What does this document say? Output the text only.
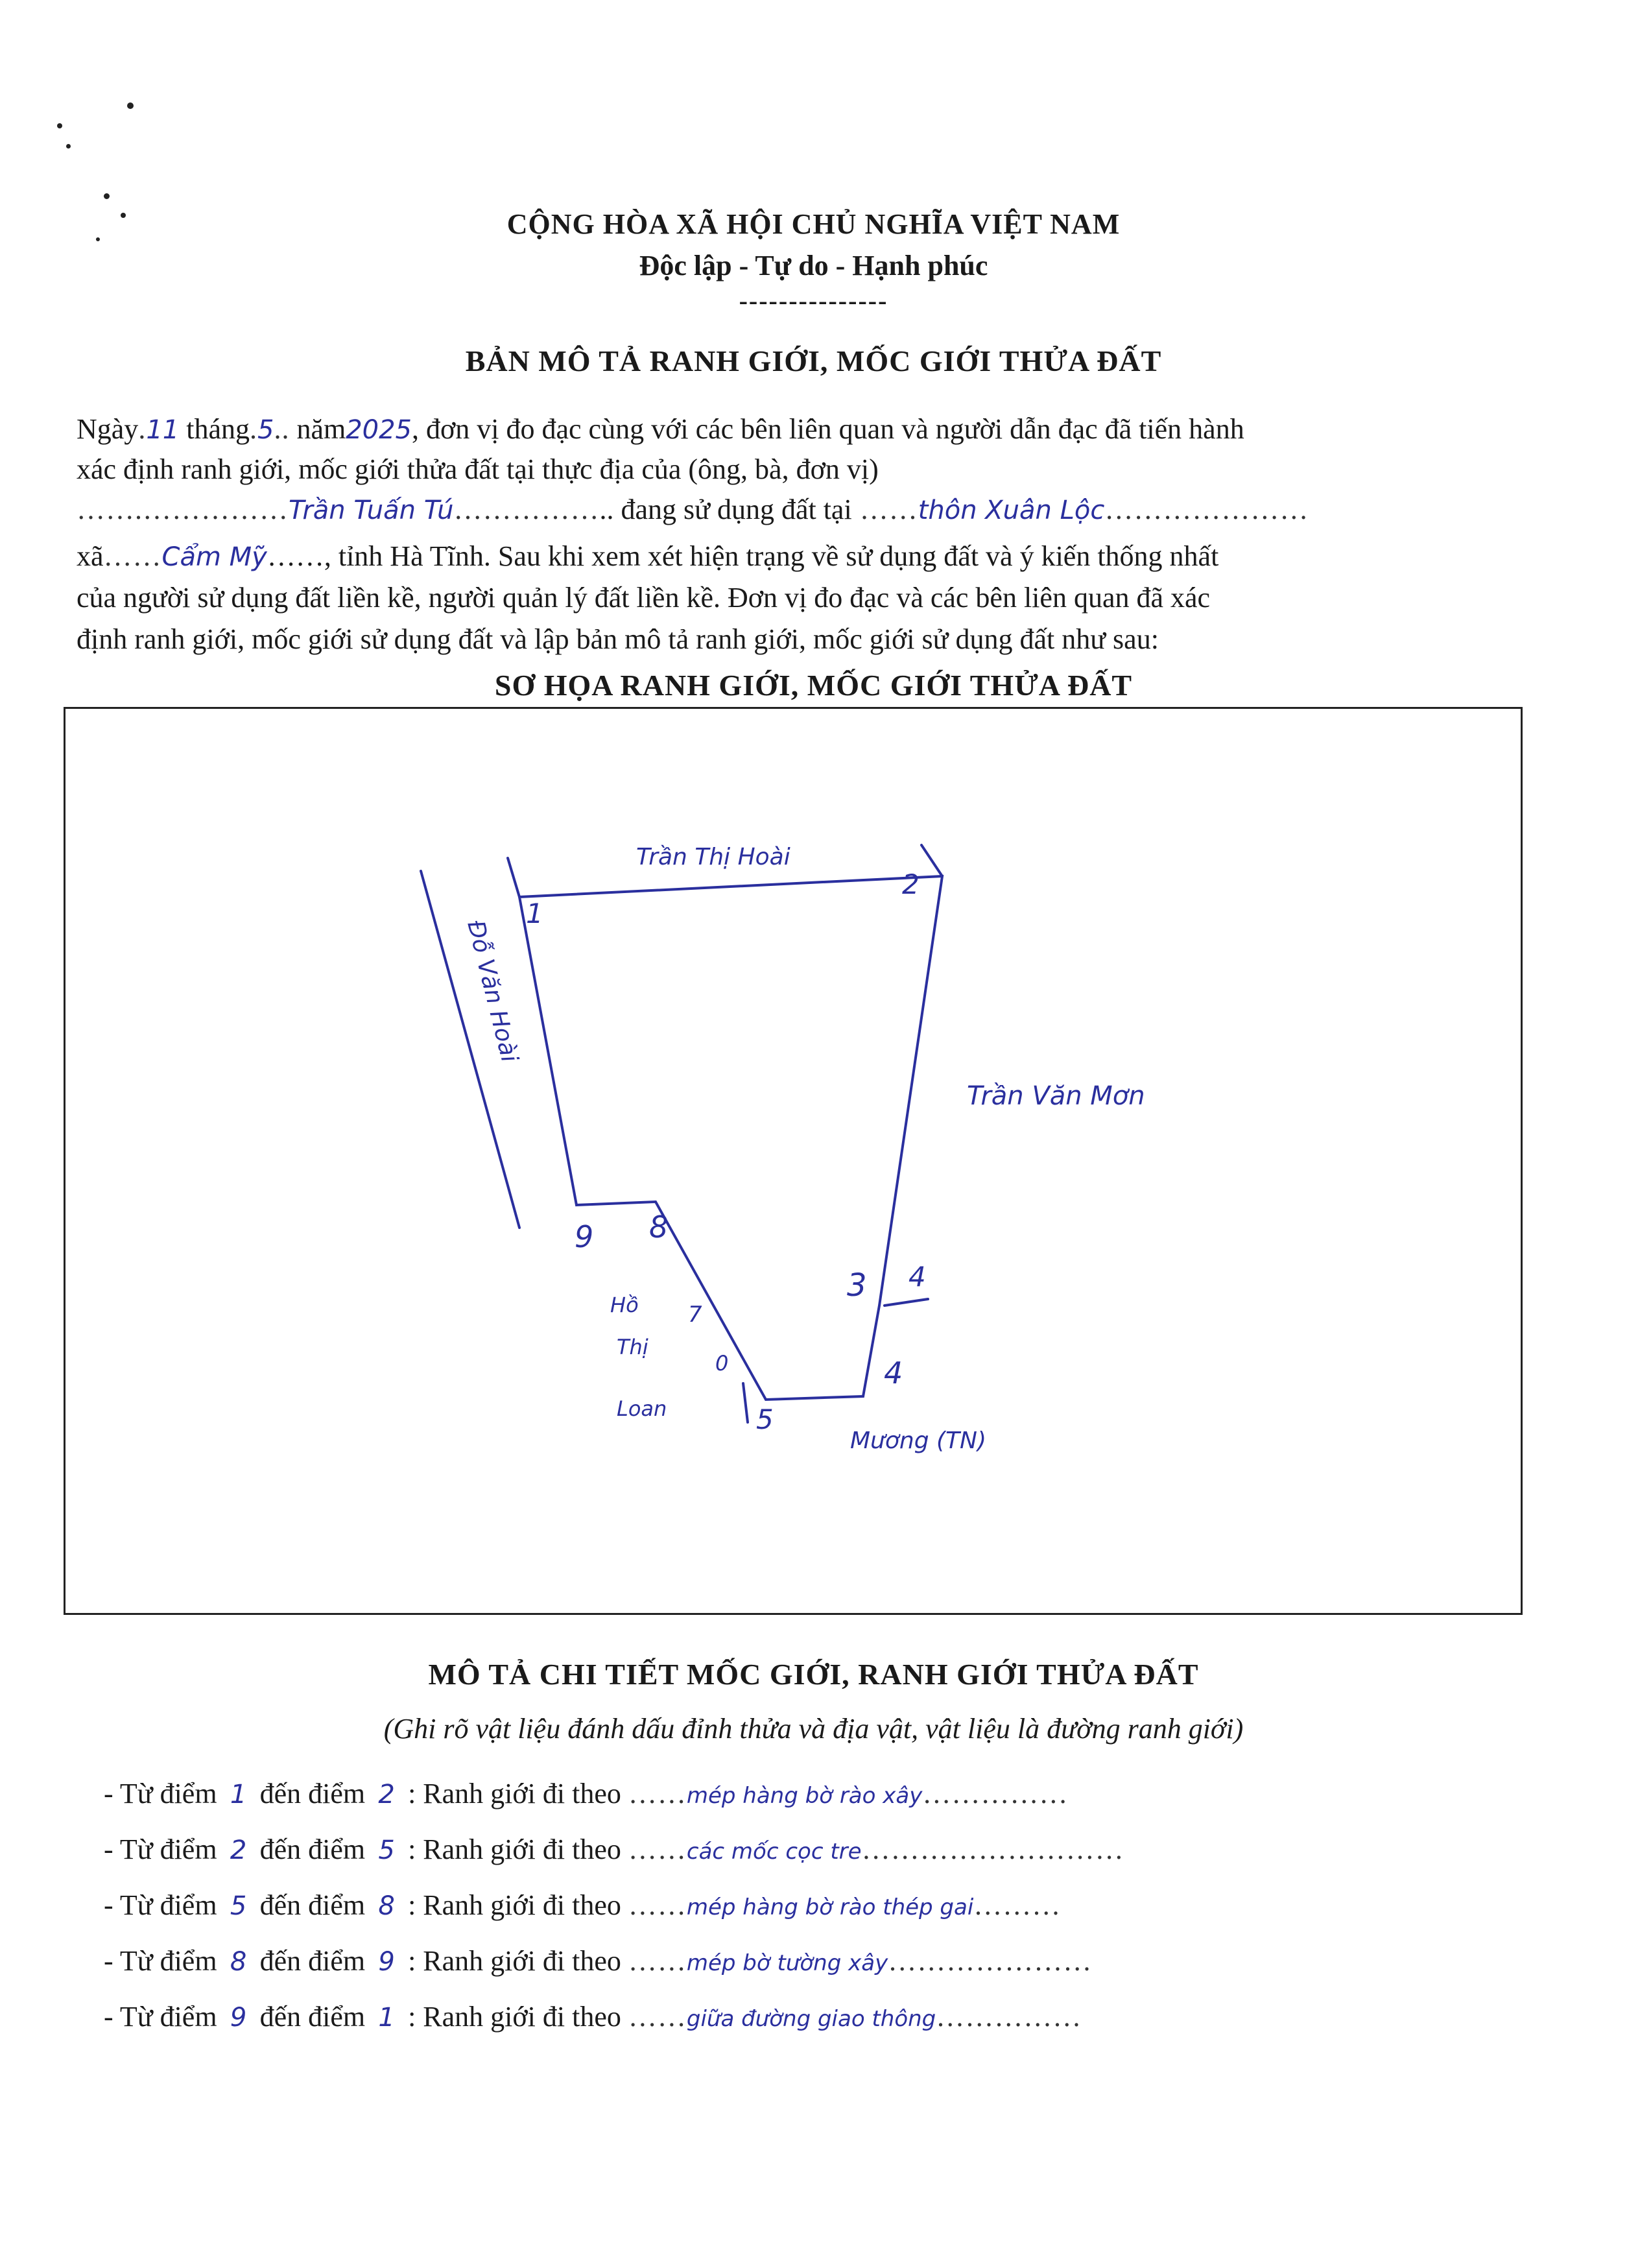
CỘNG HÒA XÃ HỘI CHỦ NGHĨA VIỆT NAM
Độc lập - Tự do - Hạnh phúc
---------------
BẢN MÔ TẢ RANH GIỚI, MỐC GIỚI THỬA ĐẤT
Ngày.11 tháng.5.. năm2025, đơn vị đo đạc cùng với các bên liên quan và người dẫn đạc đã tiến hành
xác định ranh giới, mốc giới thửa đất tại thực địa của (ông, bà, đơn vị)
…….……………Trần Tuấn Tú…………….. đang sử dụng đất tại ……thôn Xuân Lộc…………………
xã……Cẩm Mỹ……, tỉnh Hà Tĩnh. Sau khi xem xét hiện trạng về sử dụng đất và ý kiến thống nhất
của người sử dụng đất liền kề, người quản lý đất liền kề. Đơn vị đo đạc và các bên liên quan đã xác
định ranh giới, mốc giới sử dụng đất và lập bản mô tả ranh giới, mốc giới sử dụng đất như sau:
SƠ HỌA RANH GIỚI, MỐC GIỚI THỬA ĐẤT
Trần Thị Hoài
Đỗ Văn Hoài
Trần Văn Mơn
Hồ
Thị
Loan
Mương (TN)
1
2
3 4
5
8
9
7
0	4
MÔ TẢ CHI TIẾT MỐC GIỚI, RANH GIỚI THỬA ĐẤT
(Ghi rõ vật liệu đánh dấu đỉnh thửa và địa vật, vật liệu là đường ranh giới)
- Từ điểm 1 đến điểm 2 : Ranh giới đi theo ……mép hàng bờ rào xây……………
- Từ điểm 2 đến điểm 5 : Ranh giới đi theo ……các mốc cọc tre………………………
- Từ điểm 5 đến điểm 8 : Ranh giới đi theo ……mép hàng bờ rào thép gai………
- Từ điểm 8 đến điểm 9 : Ranh giới đi theo ……mép bờ tường xây…………………
- Từ điểm 9 đến điểm 1 : Ranh giới đi theo ……giữa đường giao thông……………
